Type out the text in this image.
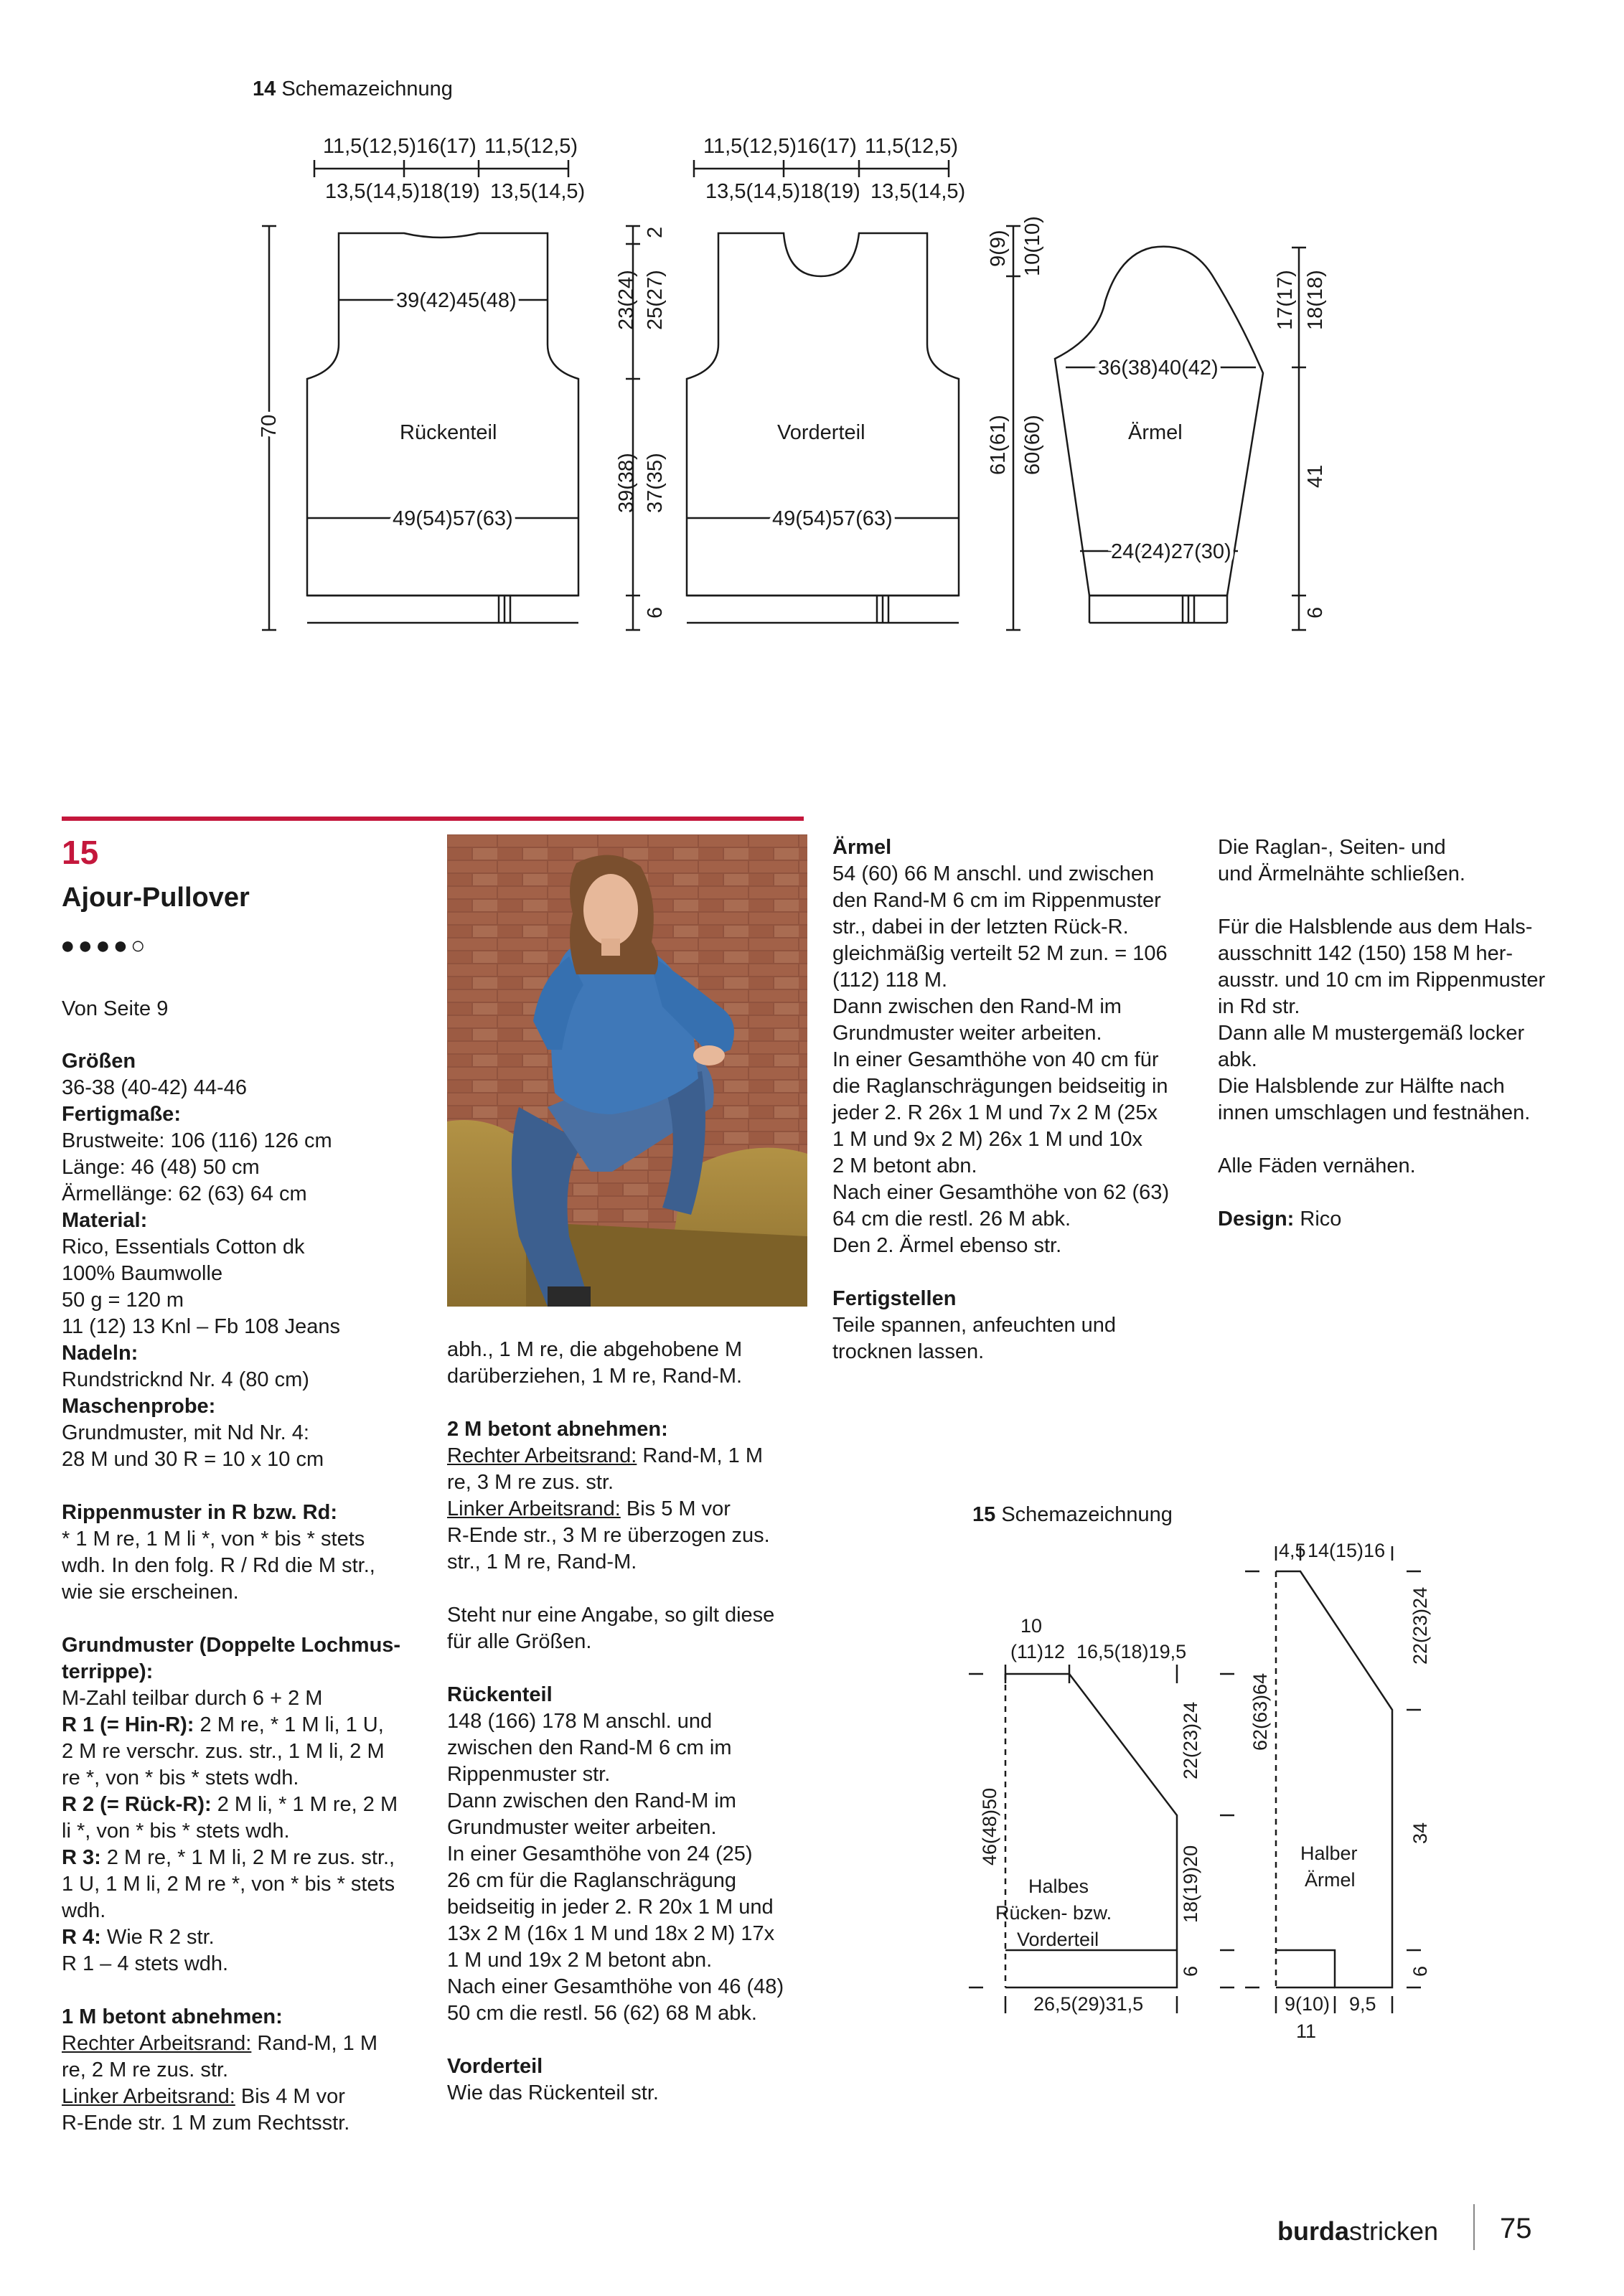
14 Schemazeichnung
11,5(12,5) 16(17) 11,5(12,5)
13,5(14,5) 18(19) 13,5(14,5)
11,5(12,5) 16(17) 11,5(12,5)
13,5(14,5) 18(19) 13,5(14,5)
39(42)45(48)
Rückenteil
49(54)57(63)
70
2
23(24) 25(27)
39(38) 37(35)
6
Vorderteil
49(54)57(63)
9(9) 10(10)
61(61) 60(60)
36(38)40(42)
Ärmel
24(24)27(30)
17(17) 18(18)
41
6
15
Ajour-Pullover
●●●●○
Von Seite 9
Größen
36-38 (40-42) 44-46
Fertigmaße:
Brustweite: 106 (116) 126 cm
Länge: 46 (48) 50 cm
Ärmellänge: 62 (63) 64 cm
Material:
Rico, Essentials Cotton dk
100% Baumwolle
50 g = 120 m
11 (12) 13 Knl – Fb 108 Jeans
Nadeln:
Rundstricknd Nr. 4 (80 cm)
Maschenprobe:
Grundmuster, mit Nd Nr. 4:
28 M und 30 R = 10 x 10 cm
Rippenmuster in R bzw. Rd:
* 1 M re, 1 M li *, von * bis * stets
wdh. In den folg. R / Rd die M str.,
wie sie erscheinen.
Grundmuster (Doppelte Lochmus-
terrippe):
M-Zahl teilbar durch 6 + 2 M
R 1 (= Hin-R): 2 M re, * 1 M li, 1 U,
2 M re verschr. zus. str., 1 M li, 2 M
re *, von * bis * stets wdh.
R 2 (= Rück-R): 2 M li, * 1 M re, 2 M
li *, von * bis * stets wdh.
R 3: 2 M re, * 1 M li, 2 M re zus. str.,
1 U, 1 M li, 2 M re *, von * bis * stets
wdh.
R 4: Wie R 2 str.
R 1 – 4 stets wdh.
1 M betont abnehmen:
Rechter Arbeitsrand: Rand-M, 1 M
re, 2 M re zus. str.
Linker Arbeitsrand: Bis 4 M vor
R-Ende str. 1 M zum Rechtsstr.
abh., 1 M re, die abgehobene M
darüberziehen, 1 M re, Rand-M.
2 M betont abnehmen:
Rechter Arbeitsrand: Rand-M, 1 M
re, 3 M re zus. str.
Linker Arbeitsrand: Bis 5 M vor
R-Ende str., 3 M re überzogen zus.
str., 1 M re, Rand-M.
Steht nur eine Angabe, so gilt diese
für alle Größen.
Rückenteil
148 (166) 178 M anschl. und
zwischen den Rand-M 6 cm im
Rippenmuster str.
Dann zwischen den Rand-M im
Grundmuster weiter arbeiten.
In einer Gesamthöhe von 24 (25)
26 cm für die Raglanschrägung
beidseitig in jeder 2. R 20x 1 M und
13x 2 M (16x 1 M und 18x 2 M) 17x
1 M und 19x 2 M betont abn.
Nach einer Gesamthöhe von 46 (48)
50 cm die restl. 56 (62) 68 M abk.
Vorderteil
Wie das Rückenteil str.
Ärmel
54 (60) 66 M anschl. und zwischen
den Rand-M 6 cm im Rippenmuster
str., dabei in der letzten Rück-R.
gleichmäßig verteilt 52 M zun. = 106
(112) 118 M.
Dann zwischen den Rand-M im
Grundmuster weiter arbeiten.
In einer Gesamthöhe von 40 cm für
die Raglanschrägungen beidseitig in
jeder 2. R 26x 1 M und 7x 2 M (25x
1 M und 9x 2 M) 26x 1 M und 10x
2 M betont abn.
Nach einer Gesamthöhe von 62 (63)
64 cm die restl. 26 M abk.
Den 2. Ärmel ebenso str.
Fertigstellen
Teile spannen, anfeuchten und
trocknen lassen.
Die Raglan-, Seiten- und
und Ärmelnähte schließen.
Für die Halsblende aus dem Hals-
ausschnitt 142 (150) 158 M her-
ausstr. und 10 cm im Rippenmuster
in Rd str.
Dann alle M mustergemäß locker
abk.
Die Halsblende zur Hälfte nach
innen umschlagen und festnähen.
Alle Fäden vernähen.
Design: Rico
15 Schemazeichnung
Halbes
Rücken- bzw.
Vorderteil
10
(11)12 16,5(18)19,5
46(48)50
22(23)24
18(19)20
6
26,5(29)31,5
Halber
Ärmel
4,5 14(15)16
62(63)64
22(23)24
34
6
9(10)
11
9,5
burdastricken 75
